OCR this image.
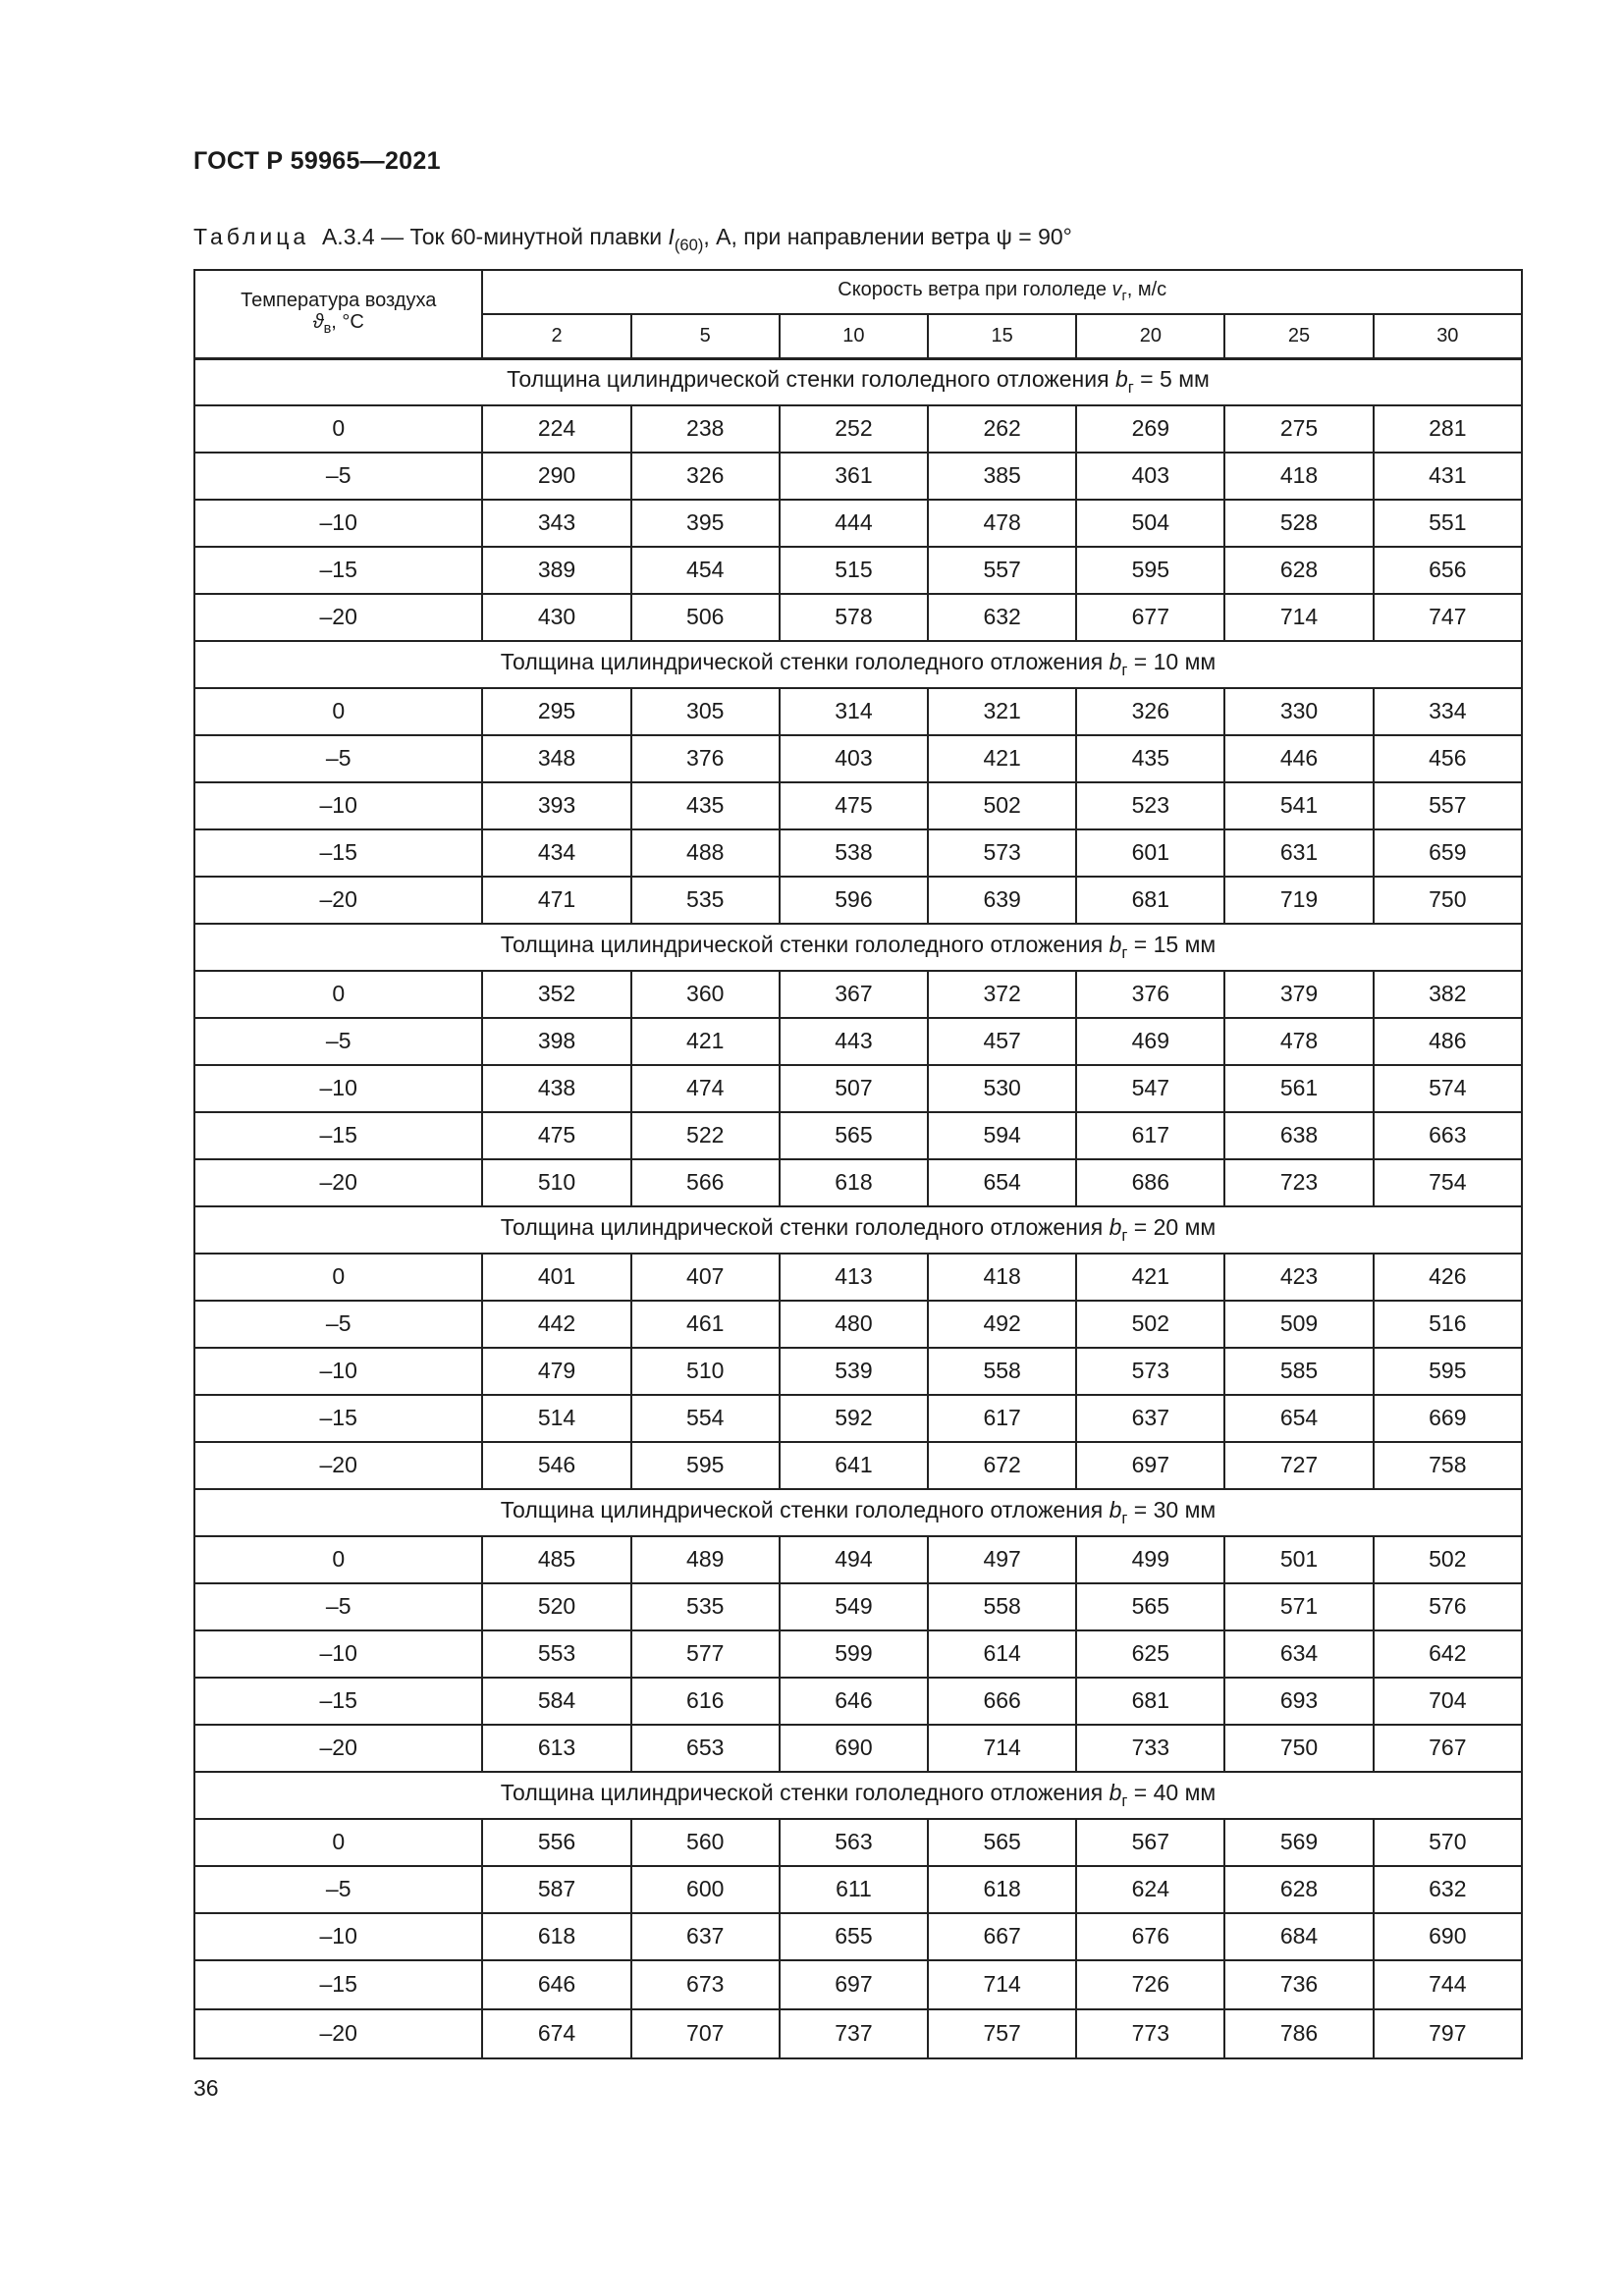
ГОСТ Р 59965—2021
Таблица А.3.4 — Ток 60-минутной плавки $I_{(60)}$, А, при направлении ветра ψ = 90°
Температура воздуха
$ϑ_в$, °С	Скорость ветра при гололеде $v_г$, м/с						
	2	5	10	15	20	25	30
Толщина цилиндрической стенки гололедного отложения $b_г = 5$ мм							
0	224	238	252	262	269	275	281
–5	290	326	361	385	403	418	431
–10	343	395	444	478	504	528	551
–15	389	454	515	557	595	628	656
–20	430	506	578	632	677	714	747
Толщина цилиндрической стенки гололедного отложения $b_г = 10$ мм							
0	295	305	314	321	326	330	334
–5	348	376	403	421	435	446	456
–10	393	435	475	502	523	541	557
–15	434	488	538	573	601	631	659
–20	471	535	596	639	681	719	750
Толщина цилиндрической стенки гололедного отложения $b_г = 15$ мм							
0	352	360	367	372	376	379	382
–5	398	421	443	457	469	478	486
–10	438	474	507	530	547	561	574
–15	475	522	565	594	617	638	663
–20	510	566	618	654	686	723	754
Толщина цилиндрической стенки гололедного отложения $b_г = 20$ мм							
0	401	407	413	418	421	423	426
–5	442	461	480	492	502	509	516
–10	479	510	539	558	573	585	595
–15	514	554	592	617	637	654	669
–20	546	595	641	672	697	727	758
Толщина цилиндрической стенки гололедного отложения $b_г = 30$ мм							
0	485	489	494	497	499	501	502
–5	520	535	549	558	565	571	576
–10	553	577	599	614	625	634	642
–15	584	616	646	666	681	693	704
–20	613	653	690	714	733	750	767
Толщина цилиндрической стенки гололедного отложения $b_г = 40$ мм							
0	556	560	563	565	567	569	570
–5	587	600	611	618	624	628	632
–10	618	637	655	667	676	684	690
–15	646	673	697	714	726	736	744
–20	674	707	737	757	773	786	797
36
